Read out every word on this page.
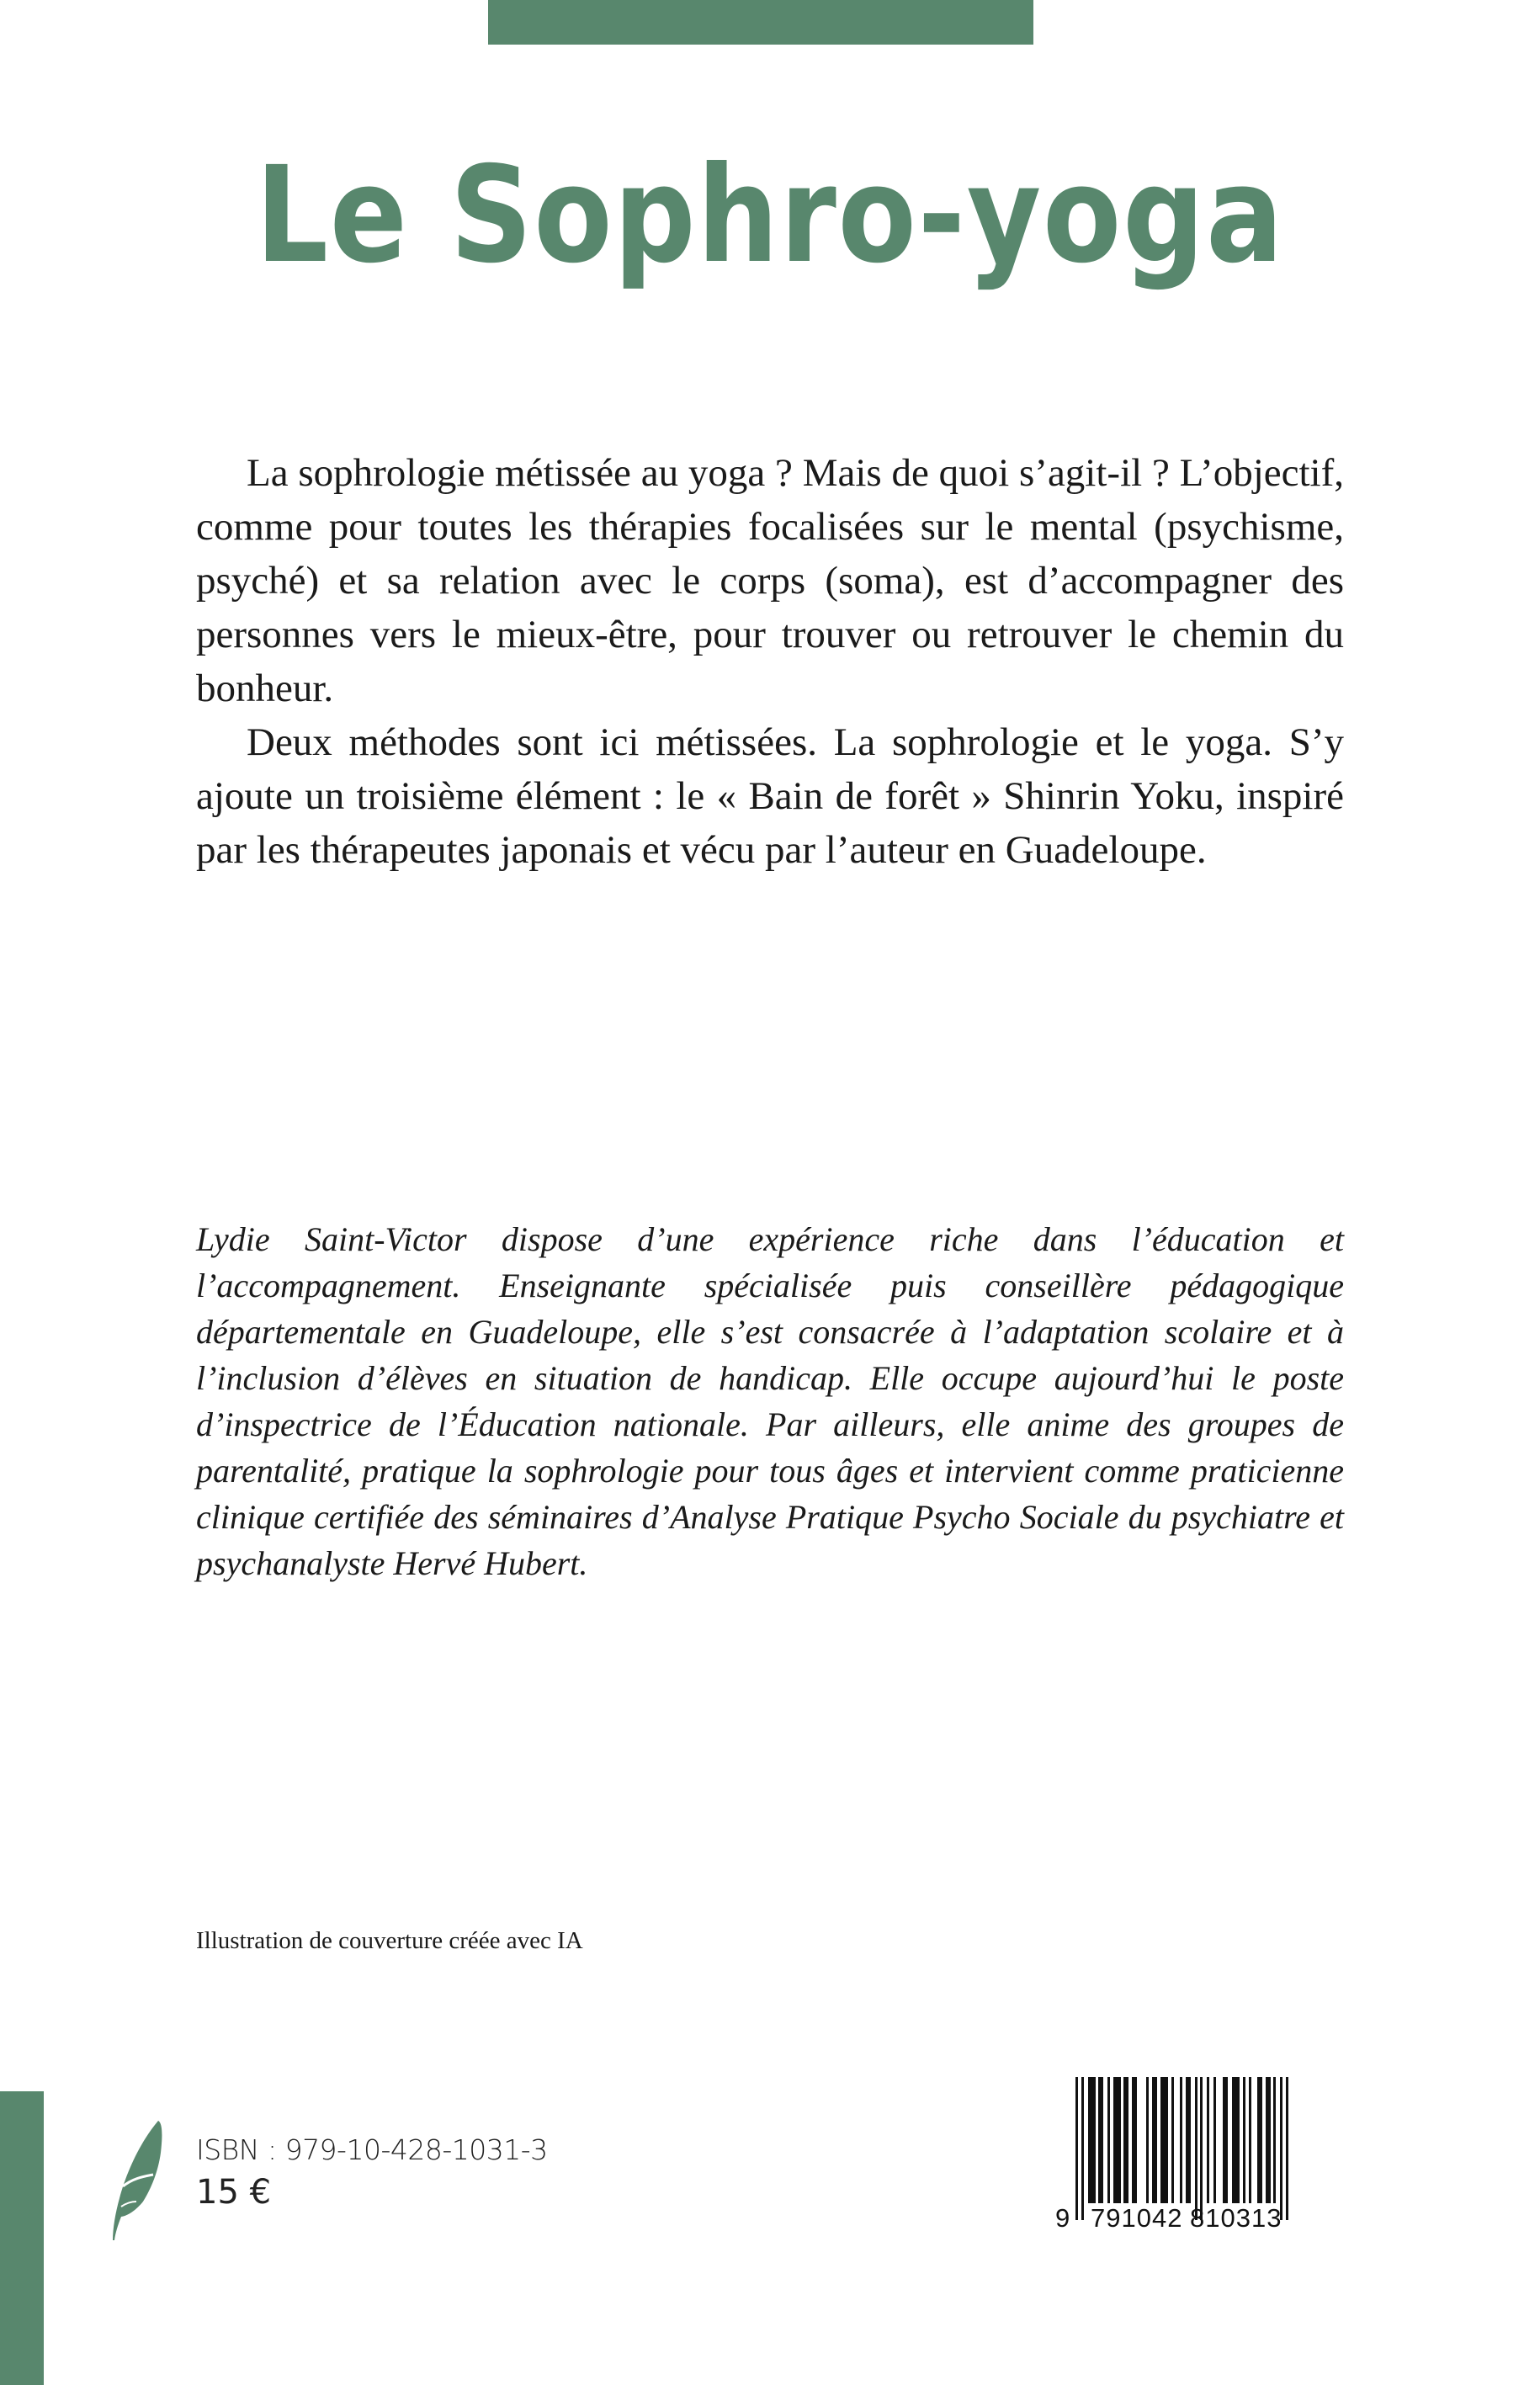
Le Sophro-yoga

La sophrologie métissée au yoga ? Mais de quoi s’agit-il ? L’objectif, comme pour toutes les thérapies focalisées sur le mental (psychisme, psyché) et sa relation avec le corps (soma), est d’accompagner des personnes vers le mieux-être, pour trouver ou retrouver le chemin du bonheur.

Deux méthodes sont ici métissées. La sophrologie et le yoga. S’y ajoute un troisième élément : le « Bain de forêt » Shinrin Yoku, inspiré par les thérapeutes japonais et vécu par l’auteur en Guadeloupe.

Lydie Saint-Victor dispose d’une expérience riche dans l’éducation et l’accompagnement. Enseignante spécialisée puis conseillère pédagogique départementale en Guadeloupe, elle s’est consacrée à l’adaptation scolaire et à l’inclusion d’élèves en situation de handicap. Elle occupe aujourd’hui le poste d’inspectrice de l’Éducation nationale. Par ailleurs, elle anime des groupes de parentalité, pratique la sophrologie pour tous âges et intervient comme praticienne clinique certifiée des séminaires d’Analyse Pratique Psycho Sociale du psychiatre et psychanalyste Hervé Hubert.

Illustration de couverture créée avec IA

ISBN : 979-10-428-1031-3

15 €

9

791042

810313
